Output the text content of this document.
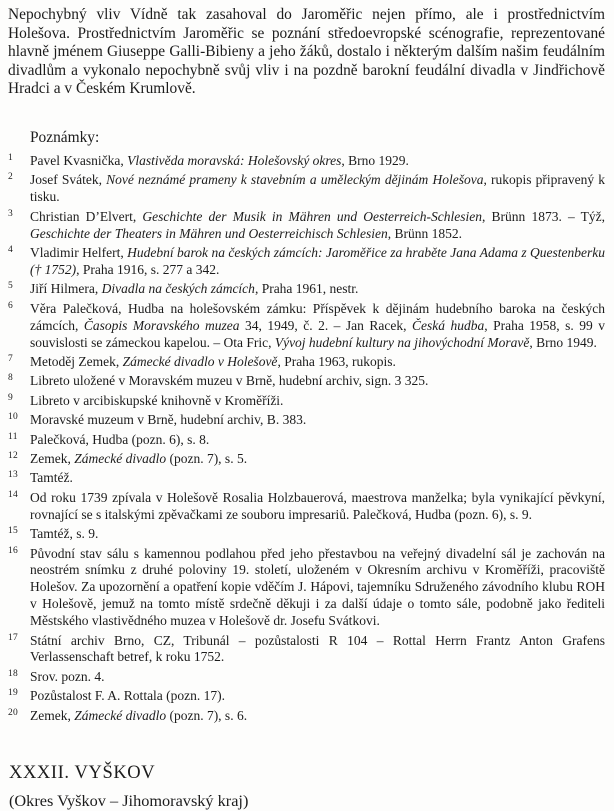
Nepochybný vliv Vídně tak zasahoval do Jaroměřic nejen přímo, ale i prostřednictvím Holešova. Prostřednictvím Jaroměřic se poznání středoevropské scénografie, reprezentované hlavně jménem Giuseppe Galli-Bibieny a jeho žáků, dostalo i některým dalším našim feudálním divadlům a vykonalo nepochybně svůj vliv i na pozdně barokní feudální divadla v Jindřichově Hradci a v Českém Krumlově.

Poznámky:

1	Pavel Kvasnička, Vlastivěda moravská: Holešovský okres, Brno 1929.
2	Josef Svátek, Nové neznámé prameny k stavebním a uměleckým dějinám Holešova, rukopis připravený k tisku.
3	Christian D’Elvert, Geschichte der Musik in Mähren und Oesterreich-Schlesien, Brünn 1873. – Týž, Geschichte der Theaters in Mähren und Oesterreichisch Schlesien, Brünn 1852.
4	Vladimir Helfert, Hudební barok na českých zámcích: Jaroměřice za hraběte Jana Adama z Questenberku († 1752), Praha 1916, s. 277 a 342.
5	Jiří Hilmera, Divadla na českých zámcích, Praha 1961, nestr.
6	Věra Palečková, Hudba na holešovském zámku: Příspěvek k dějinám hudebního baroka na českých zámcích, Časopis Moravského muzea 34, 1949, č. 2. – Jan Racek, Česká hudba, Praha 1958, s. 99 v souvislosti se zámeckou kapelou. – Ota Fric, Vývoj hudební kultury na jihovýchodní Moravě, Brno 1949.
7	Metoděj Zemek, Zámecké divadlo v Holešově, Praha 1963, rukopis.
8	Libreto uložené v Moravském muzeu v Brně, hudební archiv, sign. 3 325.
9	Libreto v arcibiskupské knihovně v Kroměříži.
10 Moravské muzeum v Brně, hudební archiv, B. 383.
11 Palečková, Hudba (pozn. 6), s. 8.
12 Zemek, Zámecké divadlo (pozn. 7), s. 5.
13 Tamtéž.
14 Od roku 1739 zpívala v Holešově Rosalia Holzbauerová, maestrova manželka; byla vynikající pěvkyní, rovnající se s italskými zpěvačkami ze souboru impresariů. Palečková, Hudba (pozn. 6), s. 9.
15 Tamtéž, s. 9.
16 Původní stav sálu s kamennou podlahou před jeho přestavbou na veřejný divadelní sál je zachován na neostrém snímku z druhé poloviny 19. století, uloženém v Okresním archivu v Kroměříži, pracoviště Holešov. Za upozornění a opatření kopie vděčím J. Hápovi, tajemníku Sdruženého závodního klubu ROH v Holešově, jemuž na tomto místě srdečně děkuji i za další údaje o tomto sále, podobně jako řediteli Městského vlastivědného muzea v Holešově dr. Josefu Svátkovi.
17 Státní archiv Brno, CZ, Tribunál – pozůstalosti R 104 – Rottal Herrn Frantz Anton Grafens Verlassenschaft betref, k roku 1752.
18 Srov. pozn. 4.
19 Pozůstalost F. A. Rottala (pozn. 17).
20 Zemek, Zámecké divadlo (pozn. 7), s. 6.
XXXII. VYŠKOV

(Okres Vyškov – Jihomoravský kraj)
